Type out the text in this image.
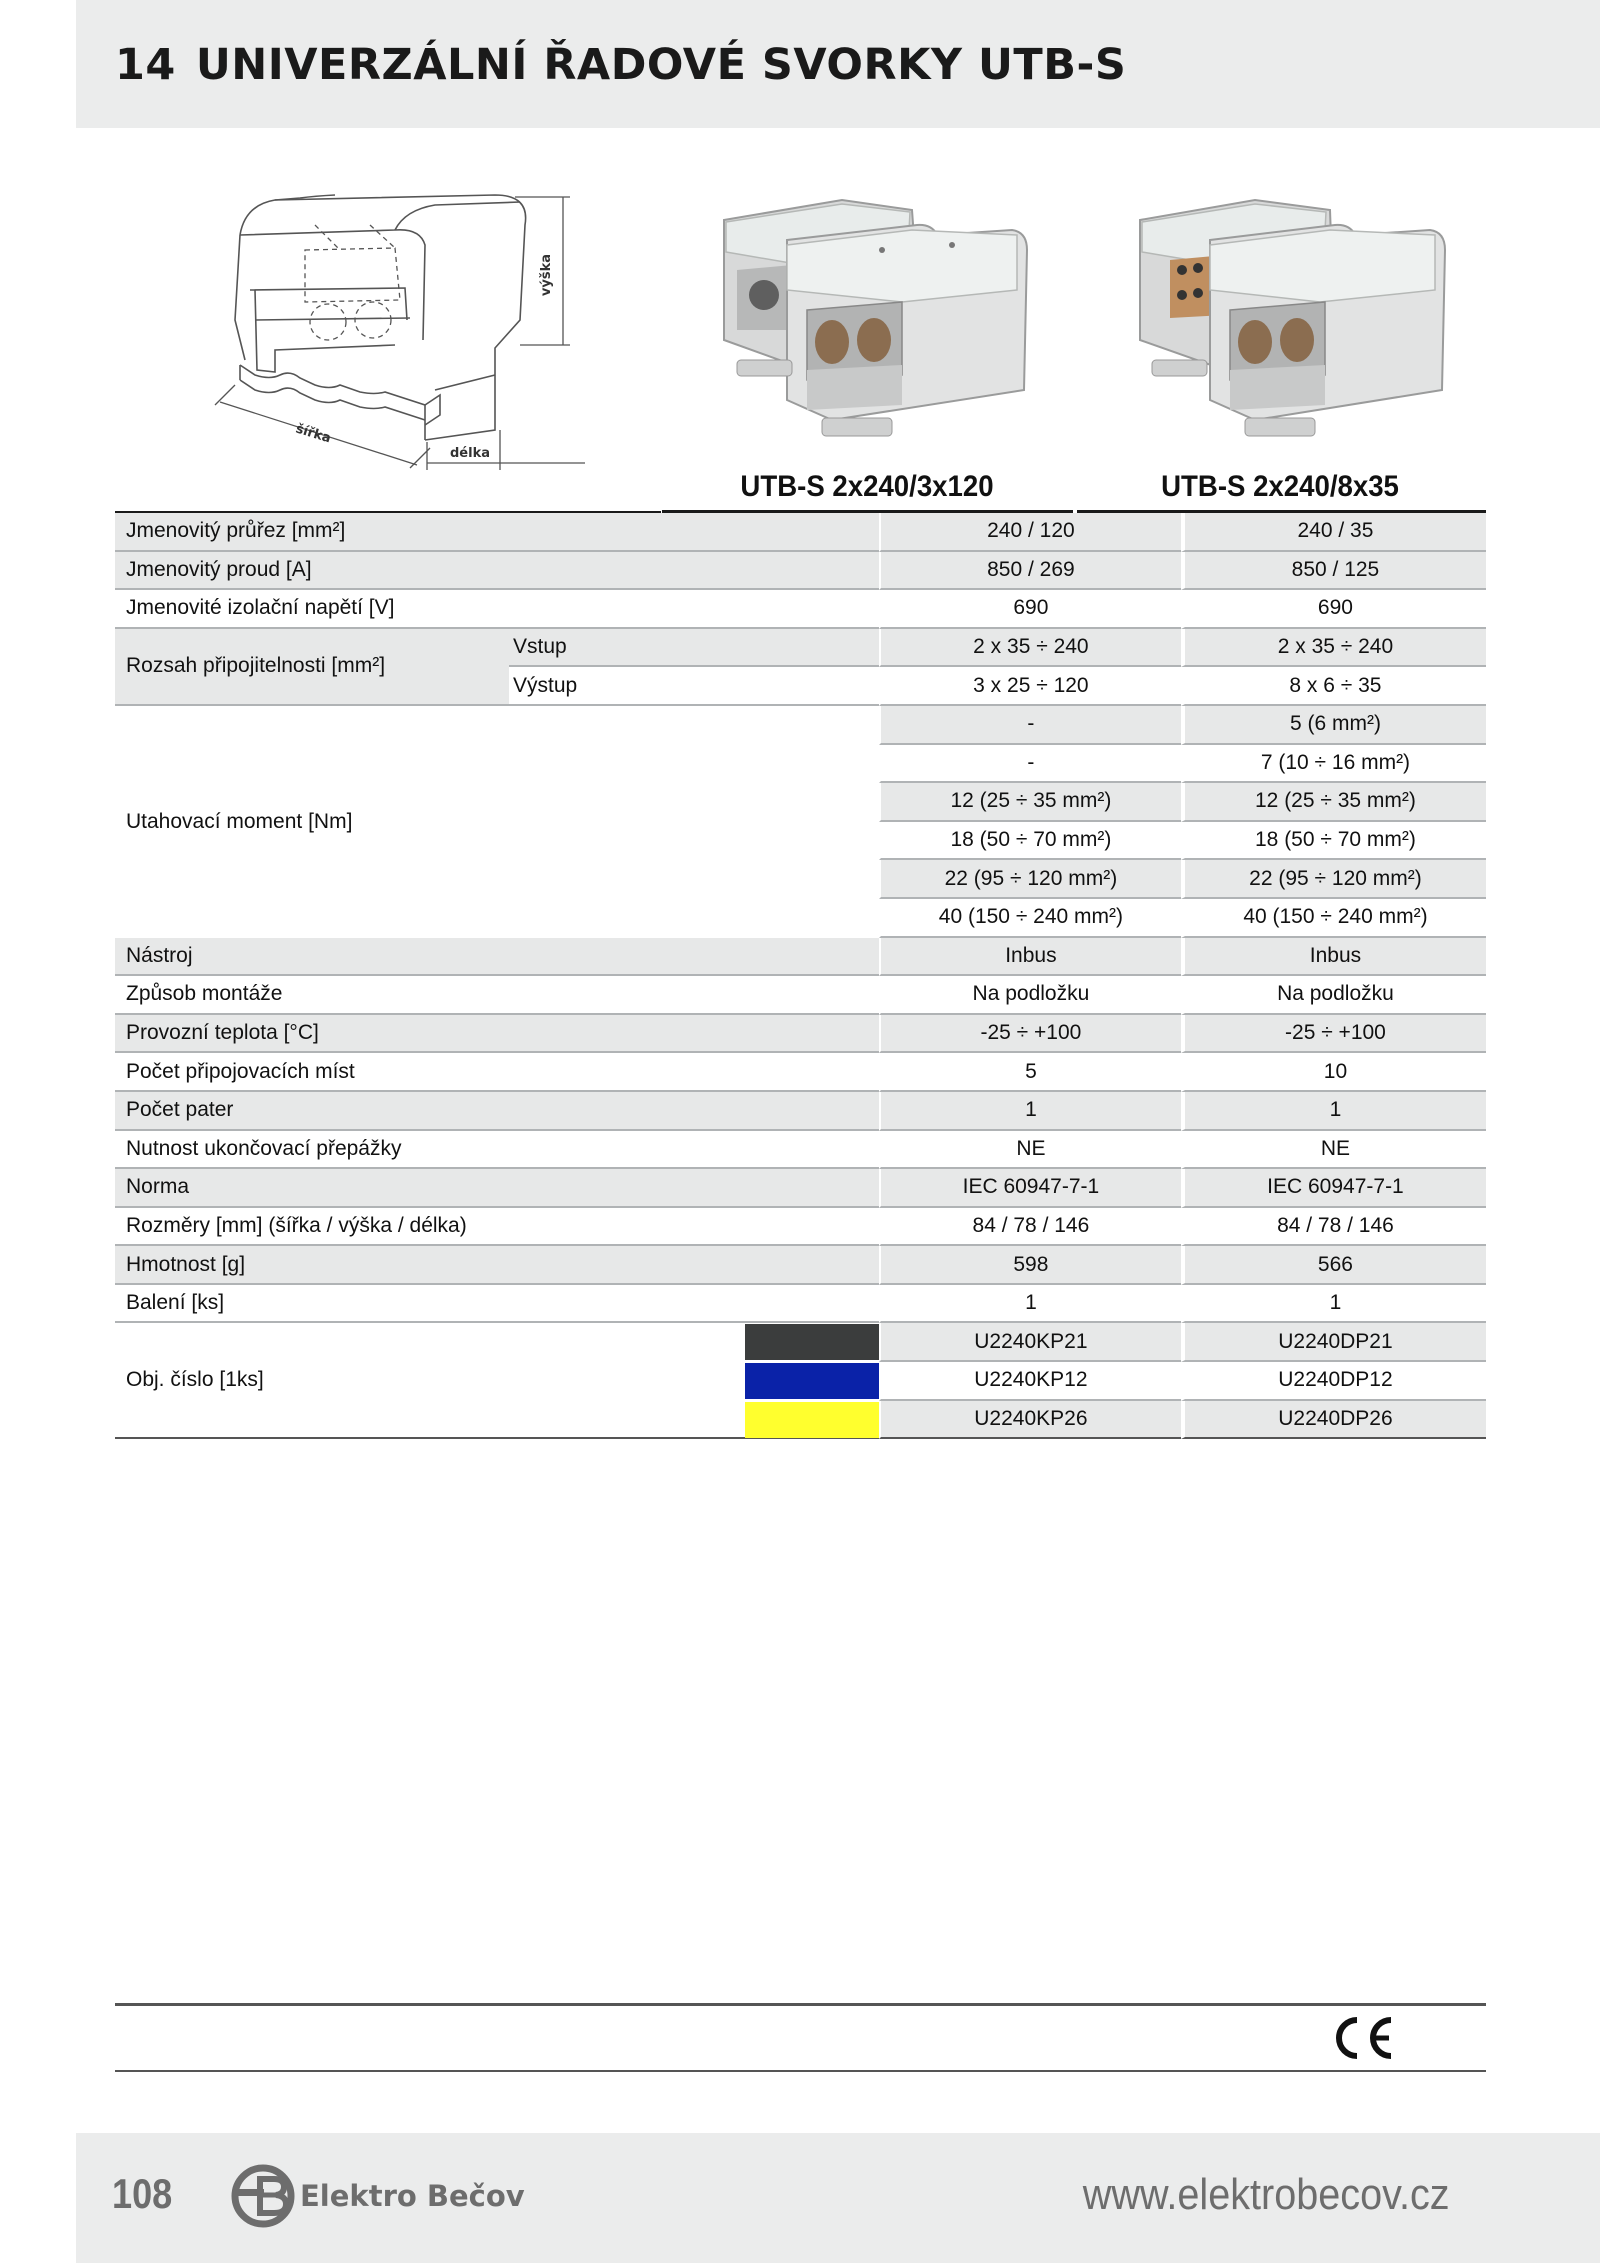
14 UNIVERZÁLNÍ ŘADOVÉ SVORKY UTB-S
výška
šířka
délka
UTB-S 2x240/3x120	UTB-S 2x240/8x35
Jmenovitý průřez [mm²]		240 / 120	240 / 35
Jmenovitý proud [A]		850 / 269	850 / 125
Jmenovité izolační napětí [V]		690	690
Rozsah připojitelnosti [mm²]	Vstup	2 x 35 ÷ 240	2 x 35 ÷ 240
	Výstup	3 x 25 ÷ 120	8 x 6 ÷ 35
Utahovací moment [Nm]		-	5 (6 mm²)
		-	7 (10 ÷ 16 mm²)
		12 (25 ÷ 35 mm²)	12 (25 ÷ 35 mm²)
		18 (50 ÷ 70 mm²)	18 (50 ÷ 70 mm²)
		22 (95 ÷ 120 mm²)	22 (95 ÷ 120 mm²)
		40 (150 ÷ 240 mm²)	40 (150 ÷ 240 mm²)
Nástroj		Inbus	Inbus
Způsob montáže		Na podložku	Na podložku
Provozní teplota [°C]		-25 ÷ +100	-25 ÷ +100
Počet připojovacích míst		5	10
Počet pater		1	1
Nutnost ukončovací přepážky		NE	NE
Norma		IEC 60947-7-1	IEC 60947-7-1
Rozměry [mm] (šířka / výška / délka)		84 / 78 / 146	84 / 78 / 146
Hmotnost [g]		598	566
Balení [ks]		1	1
Obj. číslo [1ks]		U2240KP21	U2240DP21

		U2240KP12	U2240DP12

		U2240KP26	U2240DP26
108	Elektro Bečov	www.elektrobecov.cz
